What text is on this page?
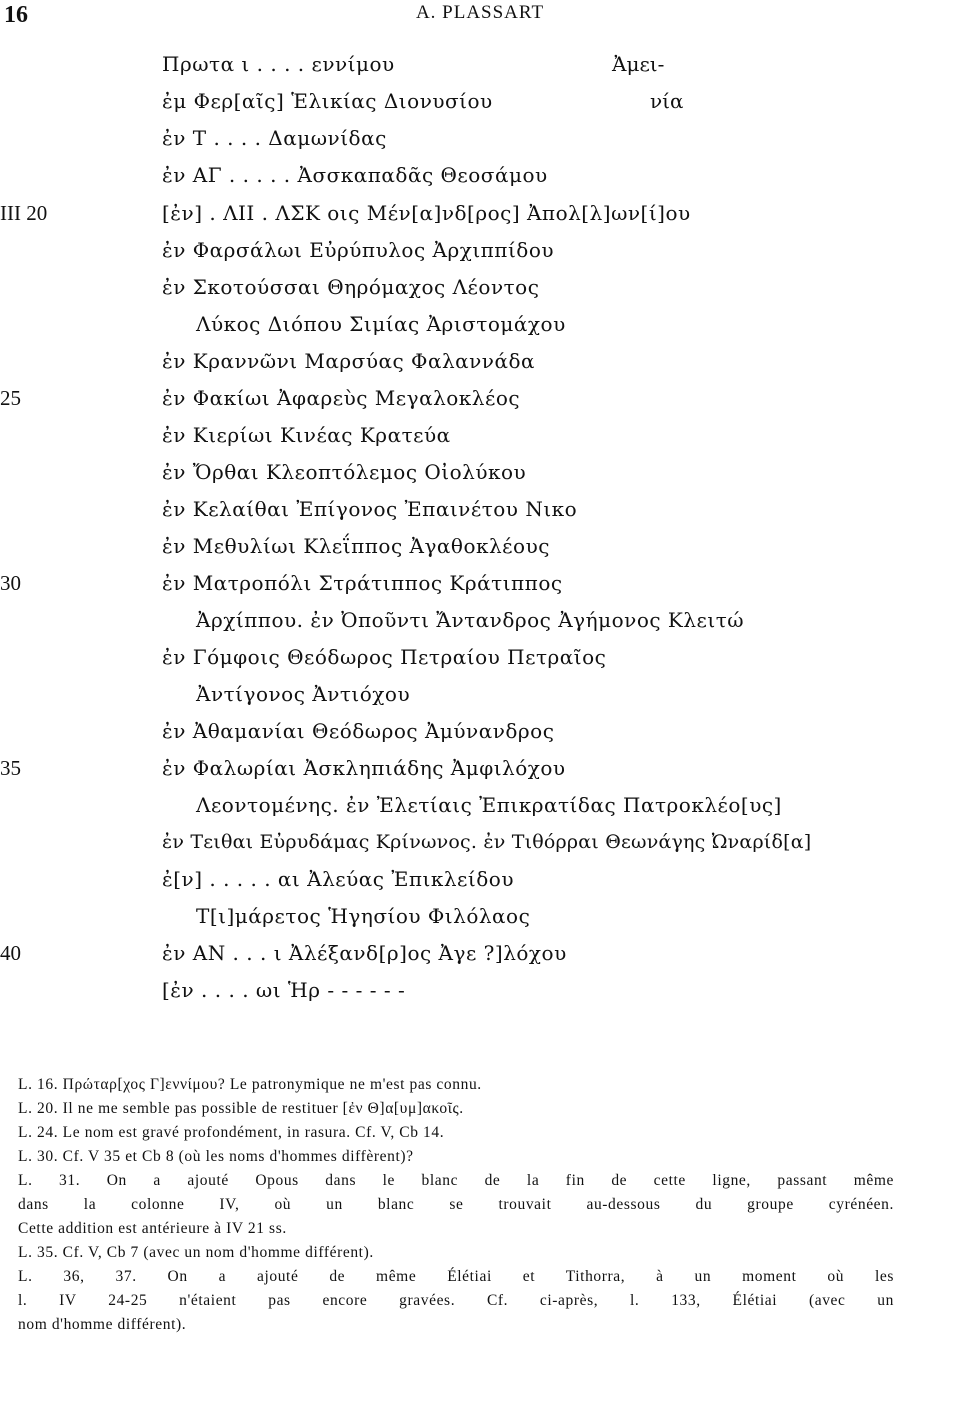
16	A. PLASSART
Πρωτα ι . . . . εννίμου
ἐμ Φερ[αῖς] Ἑλικίας Διονυσίου
ἐν Τ . . . . Δαμωνίδας
ἐν ΑΓ . . . . . Ἀσσκαπαδᾶς Θεοσάμου
[ἐν] . ΛΙΙ . ΛΣΚ οις Μέν[α]νδ[ρος] Ἀπολ[λ]ων[ί]ου
ἐν Φαρσάλωι Εὐρύπυλος Ἀρχιππίδου
ἐν Σκοτούσσαι Θηρόμαχος Λέοντος
Λύκος Διόπου Σιμίας Ἀριστομάχου
ἐν Κραννῶνι Μαρσύας Φαλαννάδα
ἐν Φακίωι Ἀφαρεὺς Μεγαλοκλέος
ἐν Κιερίωι Κινέας Κρατεύα
ἐν Ὄρθαι Κλεοπτόλεμος Οἰολύκου
ἐν Κελαίθαι Ἐπίγονος Ἐπαινέτου Νικο
ἐν Μεθυλίωι Κλεΐππος Ἀγαθοκλέους
ἐν Ματροπόλι Στράτιππος Κράτιππος
Ἀρχίππου. ἐν Ὀποῦντι Ἄντανδρος Ἀγήμονος Κλειτώ
ἐν Γόμφοις Θεόδωρος Πετραίου Πετραῖος
Ἀντίγονος Ἀντιόχου
ἐν Ἀθαμανίαι Θεόδωρος Ἀμύνανδρος
ἐν Φαλωρίαι Ἀσκληπιάδης Ἀμφιλόχου
Λεοντομένης. ἐν Ἐλετίαις Ἐπικρατίδας Πατροκλέο[υς]
ἐν Τειθαι Εὐρυδάμας Κρίνωνος. ἐν Τιθόρραι Θεωνάγης Ὠναρίδ[α]
ἐ[ν] . . . . . αι Ἀλεύας Ἐπικλείδου
Τ[ι]μάρετος Ἡγησίου Φιλόλαος
ἐν ΑΝ . . . ι Ἀλέξανδ[ρ]ος Ἀγε ?]λόχου
[ἐν . . . . ωι Ἡρ - - - - - -
Ἀμει-
νία
III 20
25
30
35
40
L. 16. Πρώταρ[χος Γ]εννίμου? Le patronymique ne m'est pas connu.
L. 20. Il ne me semble pas possible de restituer [ἐν Θ]α[υμ]ακοῖς.
L. 24. Le nom est gravé profondément, in rasura. Cf. V, Cb 14.
L. 30. Cf. V 35 et Cb 8 (où les noms d'hommes diffèrent)?
L. 31. On a ajouté Opous dans le blanc de la fin de cette ligne, passant même
dans la colonne IV, où un blanc se trouvait au-dessous du groupe cyrénéen.
Cette addition est antérieure à IV 21 ss.
L. 35. Cf. V, Cb 7 (avec un nom d'homme différent).
L. 36, 37. On a ajouté de même Élétiai et Tithorra, à un moment où les
l. IV 24-25 n'étaient pas encore gravées. Cf. ci-après, l. 133, Élétiai (avec un
nom d'homme différent).
